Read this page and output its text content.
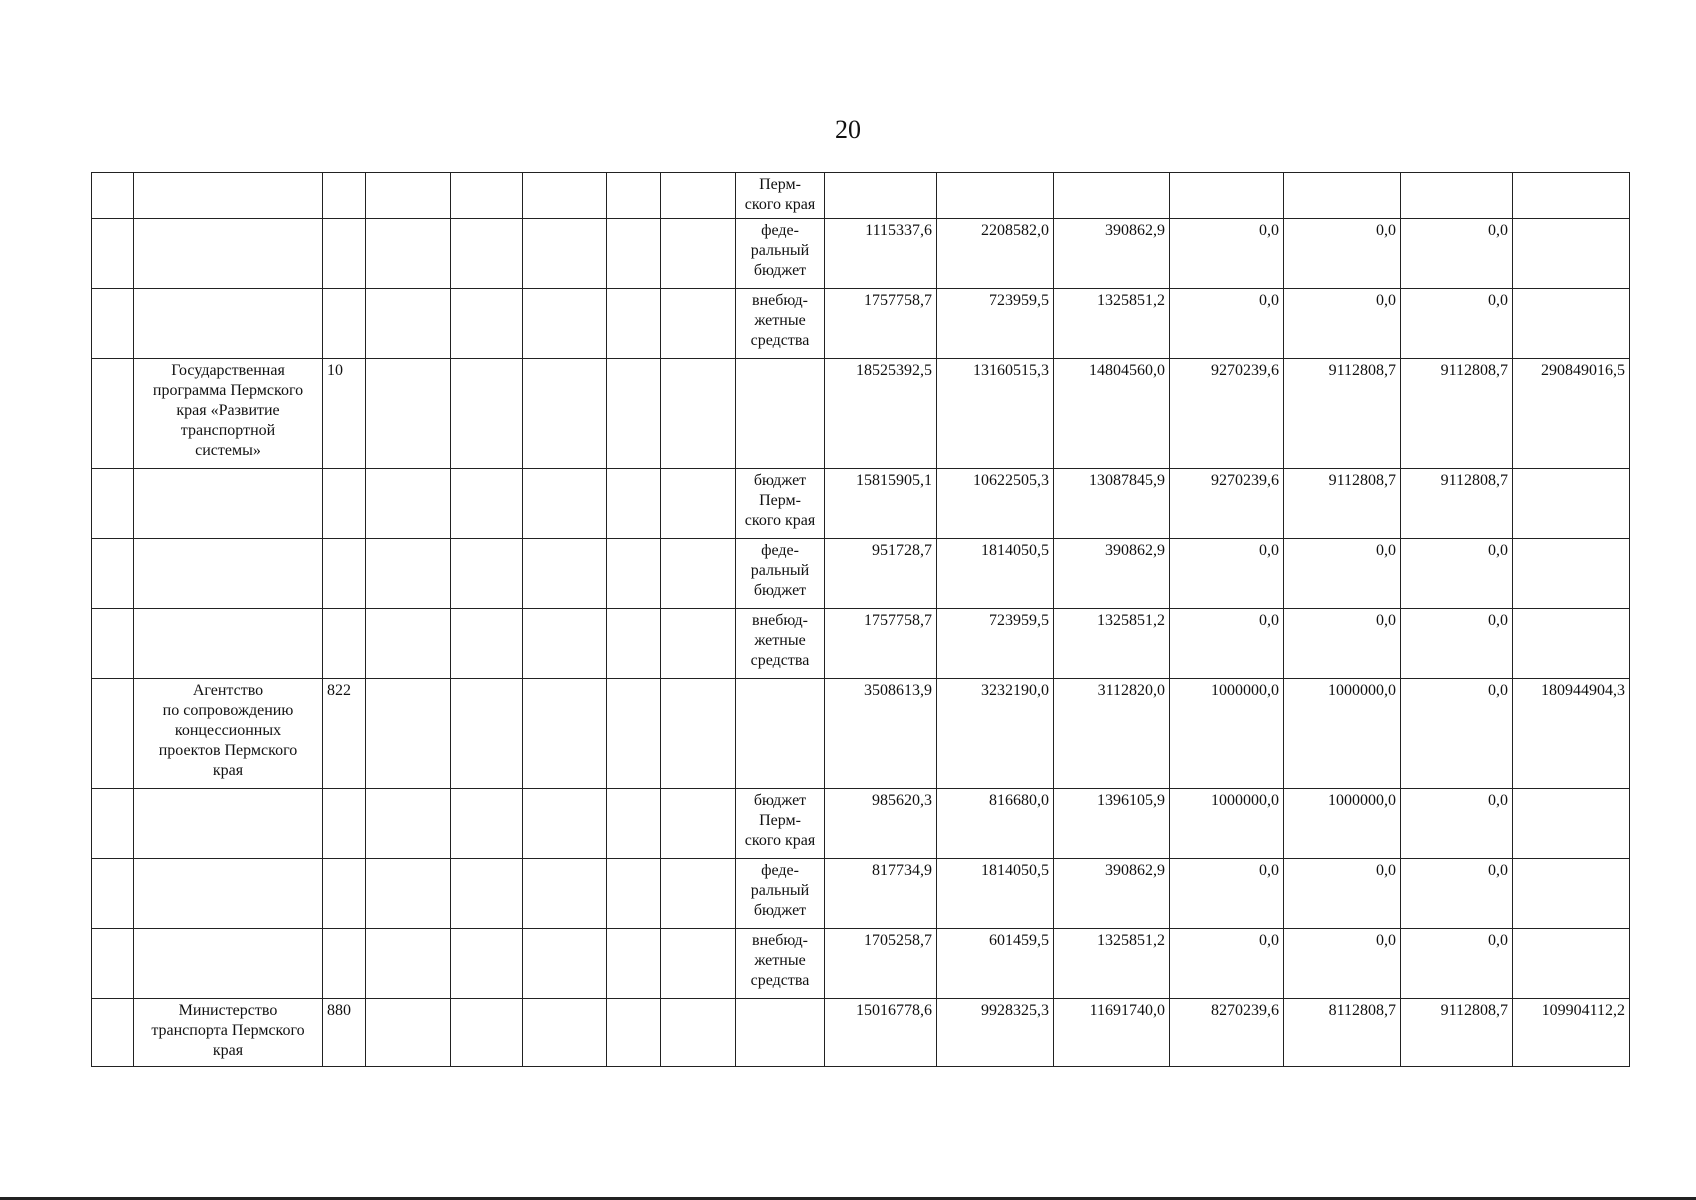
20
								Перм-
ского края							
								феде-
ральный
бюджет	1115337,6	2208582,0	390862,9	0,0	0,0	0,0	
								внебюд-
жетные
средства	1757758,7	723959,5	1325851,2	0,0	0,0	0,0	
	Государственная
программа Пермского
края «Развитие
транспортной
системы»	10							18525392,5	13160515,3	14804560,0	9270239,6	9112808,7	9112808,7	290849016,5
								бюджет
Перм-
ского края	15815905,1	10622505,3	13087845,9	9270239,6	9112808,7	9112808,7	
								феде-
ральный
бюджет	951728,7	1814050,5	390862,9	0,0	0,0	0,0	
								внебюд-
жетные
средства	1757758,7	723959,5	1325851,2	0,0	0,0	0,0	
	Агентство
по сопровождению
концессионных
проектов Пермского
края	822							3508613,9	3232190,0	3112820,0	1000000,0	1000000,0	0,0	180944904,3
								бюджет
Перм-
ского края	985620,3	816680,0	1396105,9	1000000,0	1000000,0	0,0	
								феде-
ральный
бюджет	817734,9	1814050,5	390862,9	0,0	0,0	0,0	
								внебюд-
жетные
средства	1705258,7	601459,5	1325851,2	0,0	0,0	0,0	
	Министерство
транспорта Пермского
края	880							15016778,6	9928325,3	11691740,0	8270239,6	8112808,7	9112808,7	109904112,2
